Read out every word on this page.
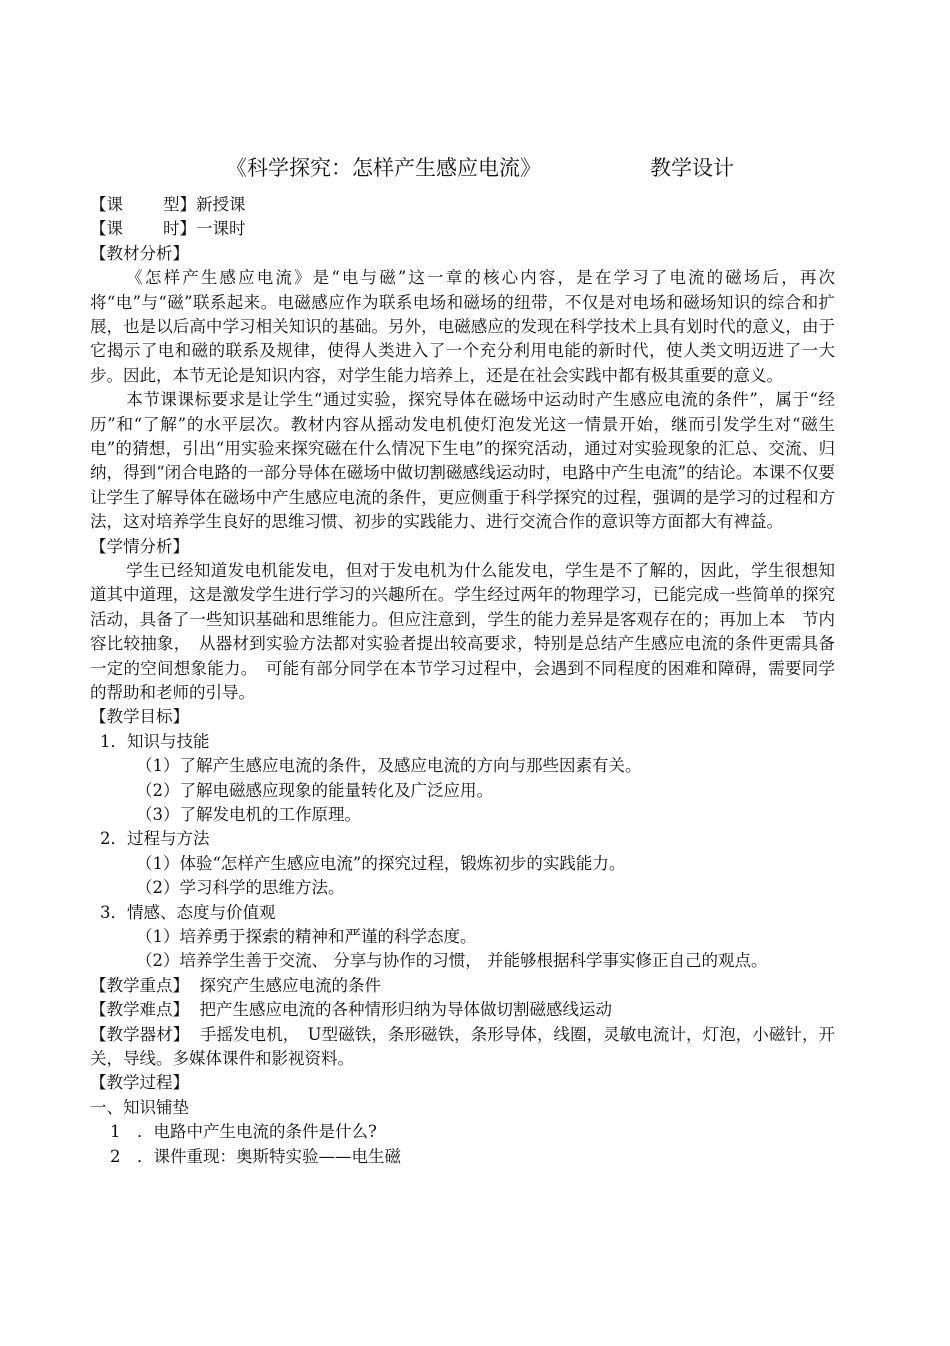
《科学探究：怎样产生感应电流》	教学设计
【课 型】新授课
【课 时】一课时
【教材分析】
《怎样产生感应电流》是“电与磁”这一章的核心内容，是在学习了电流的磁场后，再次将“电”与“磁”联系起来。电磁感应作为联系电场和磁场的纽带，不仅是对电场和磁场知识的综合和扩展，也是以后高中学习相关知识的基础。另外，电磁感应的发现在科学技术上具有划时代的意义，由于它揭示了电和磁的联系及规律，使得人类进入了一个充分利用电能的新时代，使人类文明迈进了一大步。因此，本节无论是知识内容，对学生能力培养上，还是在社会实践中都有极其重要的意义。
本节课课标要求是让学生“通过实验，探究导体在磁场中运动时产生感应电流的条件”，属于“经历”和“了解”的水平层次。教材内容从摇动发电机使灯泡发光这一情景开始，继而引发学生对“磁生电”的猜想，引出“用实验来探究磁在什么情况下生电”的探究活动，通过对实验现象的汇总、交流、归纳，得到“闭合电路的一部分导体在磁场中做切割磁感线运动时，电路中产生电流”的结论。本课不仅要让学生了解导体在磁场中产生感应电流的条件，更应侧重于科学探究的过程，强调的是学习的过程和方法，这对培养学生良好的思维习惯、初步的实践能力、进行交流合作的意识等方面都大有裨益。
【学情分析】
学生已经知道发电机能发电，但对于发电机为什么能发电，学生是不了解的，因此，学生很想知道其中道理，这是激发学生进行学习的兴趣所在。学生经过两年的物理学习，已能完成一些简单的探究活动，具备了一些知识基础和思维能力。但应注意到，学生的能力差异是客观存在的；再加上本　节内容比较抽象，　从器材到实验方法都对实验者提出较高要求，特别是总结产生感应电流的条件更需具备一定的空间想象能力。　可能有部分同学在本节学习过程中，会遇到不同程度的困难和障碍，需要同学的帮助和老师的引导。
【教学目标】
1．知识与技能
（1）了解产生感应电流的条件，及感应电流的方向与那些因素有关。
（2）了解电磁感应现象的能量转化及广泛应用。
（3）了解发电机的工作原理。
2．过程与方法
（1）体验“怎样产生感应电流”的探究过程，锻炼初步的实践能力。
（2）学习科学的思维方法。
3．情感、态度与价值观
（1）培养勇于探索的精神和严谨的科学态度。
（2）培养学生善于交流、 分享与协作的习惯， 并能够根据科学事实修正自己的观点。
【教学重点】 探究产生感应电流的条件
【教学难点】 把产生感应电流的各种情形归纳为导体做切割磁感线运动
【教学器材】 手摇发电机，　U型磁铁，条形磁铁，条形导体，线圈，灵敏电流计，灯泡，小磁针，开关，导线。多媒体课件和影视资料。
【教学过程】
一、知识铺垫
1　．电路中产生电流的条件是什么?
2　．课件重现：奥斯特实验——电生磁
